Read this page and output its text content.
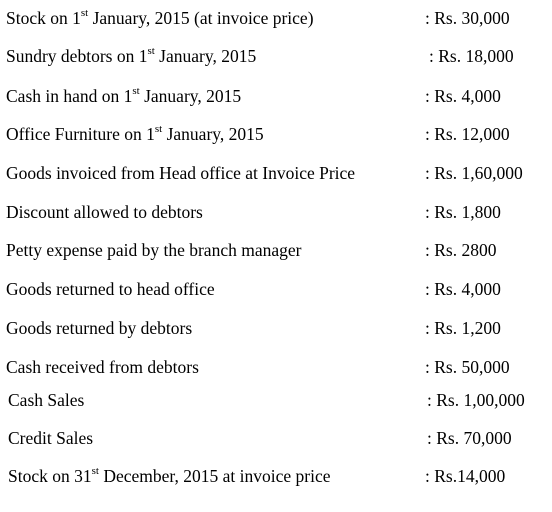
Stock on 1st January, 2015 (at invoice price)	: Rs. 30,000
Sundry debtors on 1st January, 2015	: Rs. 18,000
Cash in hand on 1st January, 2015	: Rs. 4,000
Office Furniture on 1st January, 2015	: Rs. 12,000
Goods invoiced from Head office at Invoice Price	: Rs. 1,60,000
Discount allowed to debtors	: Rs. 1,800
Petty expense paid by the branch manager	: Rs. 2800
Goods returned to head office	: Rs. 4,000
Goods returned by debtors	: Rs. 1,200
Cash received from debtors	: Rs. 50,000
Cash Sales	: Rs. 1,00,000
Credit Sales	: Rs. 70,000
Stock on 31st December, 2015 at invoice price	: Rs.14,000
